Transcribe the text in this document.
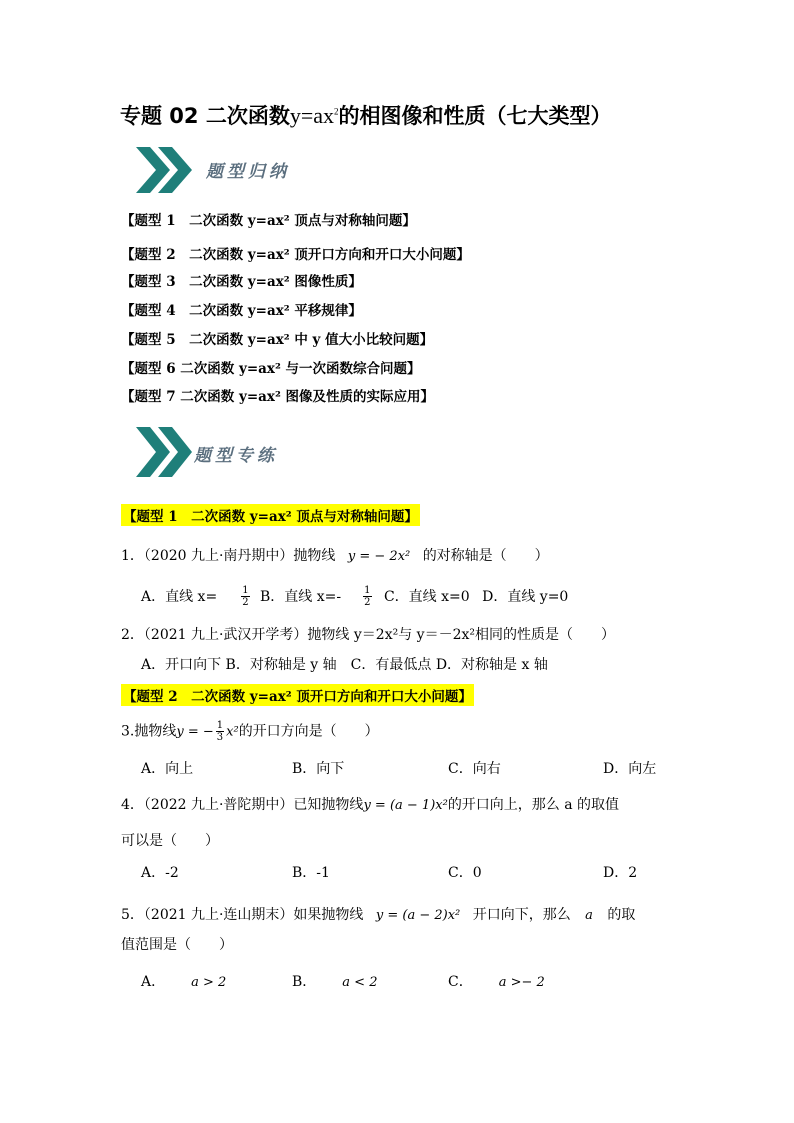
专题 02 二次函数$y=ax^2$的相图像和性质（七大类型）
题型归纳
【题型 1　二次函数 y=ax² 顶点与对称轴问题】
【题型 2　二次函数 y=ax² 顶开口方向和开口大小问题】
【题型 3　二次函数 y=ax² 图像性质】
【题型 4　二次函数 y=ax² 平移规律】
【题型 5　二次函数 y=ax² 中 y 值大小比较问题】
【题型 6 二次函数 y=ax² 与一次函数综合问题】
【题型 7 二次函数 y=ax² 图像及性质的实际应用】
题型专练
【题型 1　二次函数 y=ax² 顶点与对称轴问题】
1．（2020 九上·南丹期中）抛物线 y = − 2x² 的对称轴是（　　）
A．直线 $x= \frac{1}{2}$ B．直线 $x=- \frac{1}{2}$ C．直线 x=0 D．直线 y=0
2．（2021 九上·武汉开学考）抛物线 y＝2x²与 y＝－2x²相同的性质是（　　）
A．开口向下 B．对称轴是 y 轴　C．有最低点 D．对称轴是 x 轴
【题型 2　二次函数 y=ax² 顶开口方向和开口大小问题】
3.抛物线y = − $\frac{1}{3} x^2$的开口方向是（　　）
A．向上	B．向下	C．向右	D．向左
4．（2022 九上·普陀期中）已知抛物线y = (a − 1)x²的开口向上，那么 a 的取值
可以是（　　）
A．-2	B．-1	C．0	D．2
5．（2021 九上·连山期末）如果抛物线 y = (a − 2)x² 开口向下，那么 a 的取
值范围是（　　）
A． a > 2	B． a < 2	C． a >− 2
